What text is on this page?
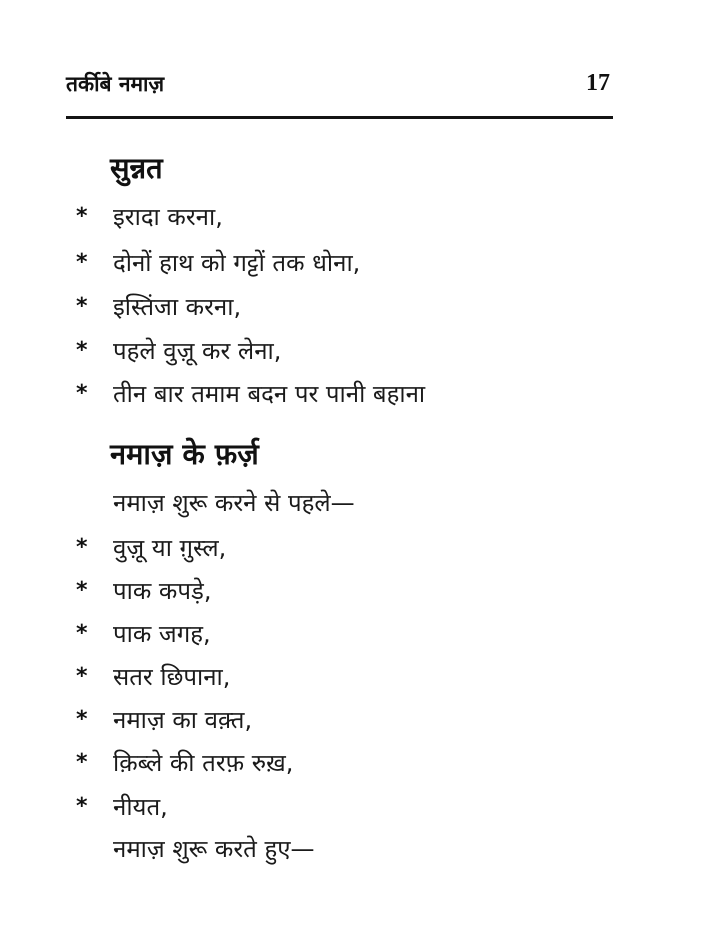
तर्कीबे नमाज़	17
सुन्नत
* इरादा करना,
* दोनों हाथ को गट्टों तक धोना,
* इस्तिंजा करना,
* पहले वुज़ू कर लेना,
* तीन बार तमाम बदन पर पानी बहाना
नमाज़ के फ़र्ज़
नमाज़ शुरू करने से पहले—
* वुज़ू या ग़ुस्ल,
* पाक कपड़े,
* पाक जगह,
* सतर छिपाना,
* नमाज़ का वक़्त,
* क़िब्ले की तरफ़ रुख़,
* नीयत,
नमाज़ शुरू करते हुए—
